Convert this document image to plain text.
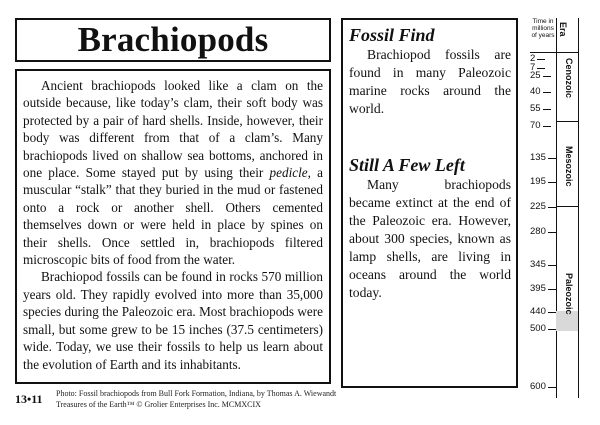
Brachiopods

Ancient brachiopods looked like a clam on the outside because, like today’s clam, their soft body was protected by a pair of hard shells. Inside, however, their body was different from that of a clam’s. Many brachiopods lived on shallow sea bottoms, anchored in one place. Some stayed put by using their pedicle, a muscular “stalk” that they buried in the mud or fastened onto a rock or another shell. Others cemented themselves down or were held in place by spines on their shells. Once settled in, brachiopods filtered microscopic bits of food from the water.

Brachiopod fossils can be found in rocks 570 million years old. They rapidly evolved into more than 35,000 species during the Paleozoic era. Most brachiopods were small, but some grew to be 15 inches (37.5 centimeters) wide. Today, we use their fossils to help us learn about the evolution of Earth and its inhabitants.

Fossil Find

Brachiopod fossils are found in many Paleozoic marine rocks around the world.

Still A Few Left

Many brachiopods became extinct at the end of the Paleozoic era. However, about 300 species, known as lamp shells, are living in oceans around the world today.

13•11 Photo: Fossil brachiopods from Bull Fork Formation, Indiana, by Thomas A. Wiewandt
Treasures of the Earth™ © Grolier Enterprises Inc. MCMXCIX
Time in millions of years Era
Cenozoic
Mesozoic
Paleozoic
2
7
25
40
55
70
135
195
225
280
345
395
440
500
600
